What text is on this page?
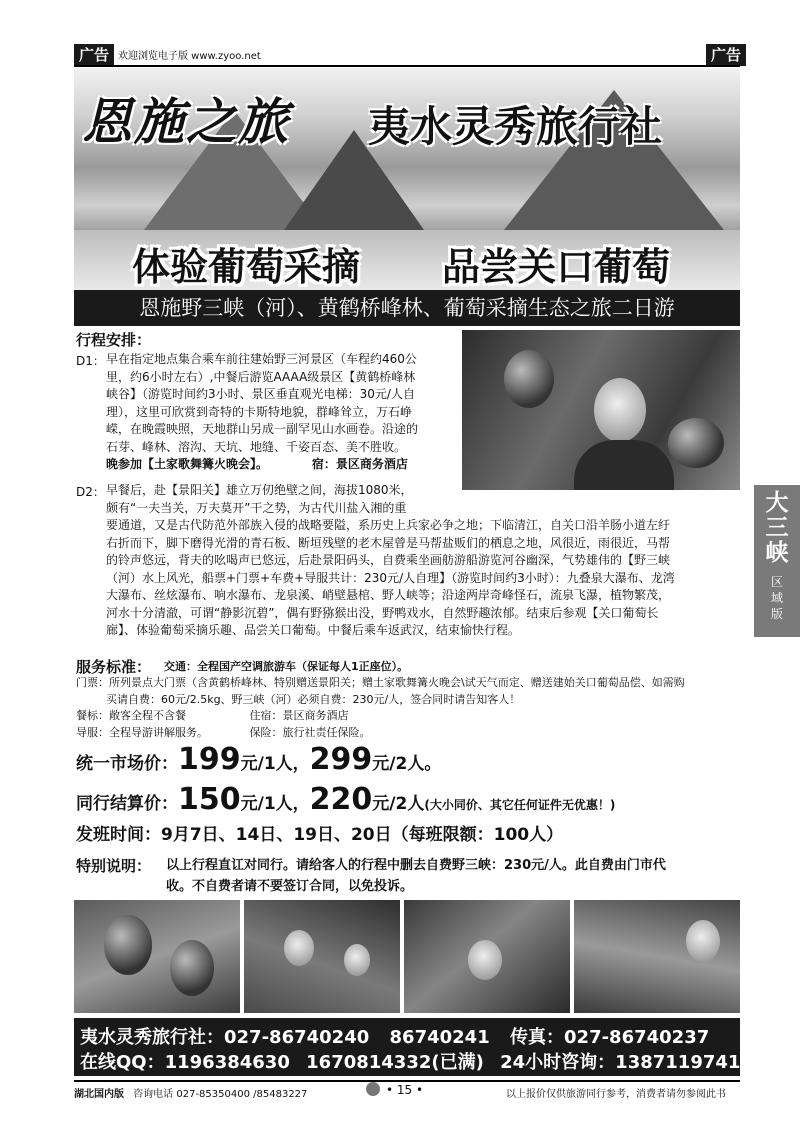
广告 欢迎浏览电子版 www.zyoo.net	广告
恩施之旅 夷水灵秀旅行社
体验葡萄采摘 品尝关口葡萄
恩施野三峡（河）、黄鹤桥峰林、葡萄采摘生态之旅二日游
行程安排：
D1： 早在指定地点集合乘车前往建始野三河景区（车程约460公
里，约6小时左右）,中餐后游览AAAA级景区【黄鹤桥峰林
峡谷】（游览时间约3小时、景区垂直观光电梯：30元/人自
理），这里可欣赏到奇特的卡斯特地貌，群峰耸立，万石峥
嵘，在晚霞映照，天地群山另成一副罕见山水画卷。沿途的
石芽、峰林、溶沟、天坑、地缝、千姿百态、美不胜收。
晚参加【土家歌舞篝火晚会】。	宿：景区商务酒店
D2： 早餐后，赴【景阳关】雄立万仞绝壁之间，海拔1080米，
颇有“一夫当关，万夫莫开”干之势，为古代川盐入湘的重
要通道，又是古代防范外部族入侵的战略要隘，系历史上兵家必争之地；下临清江，自关口沿羊肠小道左纡
右折而下，脚下磨得光滑的青石板、断垣残壁的老木屋曾是马帮盐贩们的栖息之地，风很近，雨很近，马帮
的铃声悠远，背夫的吆喝声已悠远，后赴景阳码头，自费乘坐画舫游船游览河谷幽深，气势雄伟的【野三峡
（河）水上风光，船票+门票+车费+导服共计：230元/人自理】（游览时间约3小时）：九叠泉大瀑布、龙湾
大瀑布、丝炫瀑布、响水瀑布、龙泉溪、峭壁悬棺、野人峡等；沿途两岸奇峰怪石，流泉飞瀑，植物繁茂，
河水十分清澈，可谓“静影沉碧”，偶有野猕猴出没，野鸭戏水，自然野趣浓郁。结束后参观【关口葡萄长
廊】、体验葡萄采摘乐趣、品尝关口葡萄。中餐后乘车返武汉，结束愉快行程。
大
三
峡
区
域
版
服务标准： 交通：全程国产空调旅游车（保证每人1正座位）。
门票：所列景点大门票（含黄鹤桥峰林、特别赠送景阳关；赠土家歌舞篝火晚会\试天气而定、赠送建始关口葡萄品偿、如需购
买请自费：60元/2.5kg、野三峡（河）必须自费：230元/人，签合同时请告知客人！
餐标：敞客全程不含餐	住宿：景区商务酒店
导服：全程导游讲解服务。	保险：旅行社责任保险。
统一市场价：199元/1人，299元/2人。
同行结算价：150元/1人，220元/2人(大小同价、其它任何证件无优惠！)
发班时间：9月7日、14日、19日、20日（每班限额：100人）
特别说明： 以上行程直讧对同行。请给客人的行程中删去自费野三峡：230元/人。此自费由门市代
收。不自费者请不要签订合同，以免投诉。
夷水灵秀旅行社：027-86740240 86740241 传真：027-86740237
在线QQ：1196384630 1670814332(已满) 24小时咨询：13871197411
湖北国内版 咨询电话 027-85350400 /85483227	• 15 •	以上报价仅供旅游同行参考，消费者请勿参阅此书
